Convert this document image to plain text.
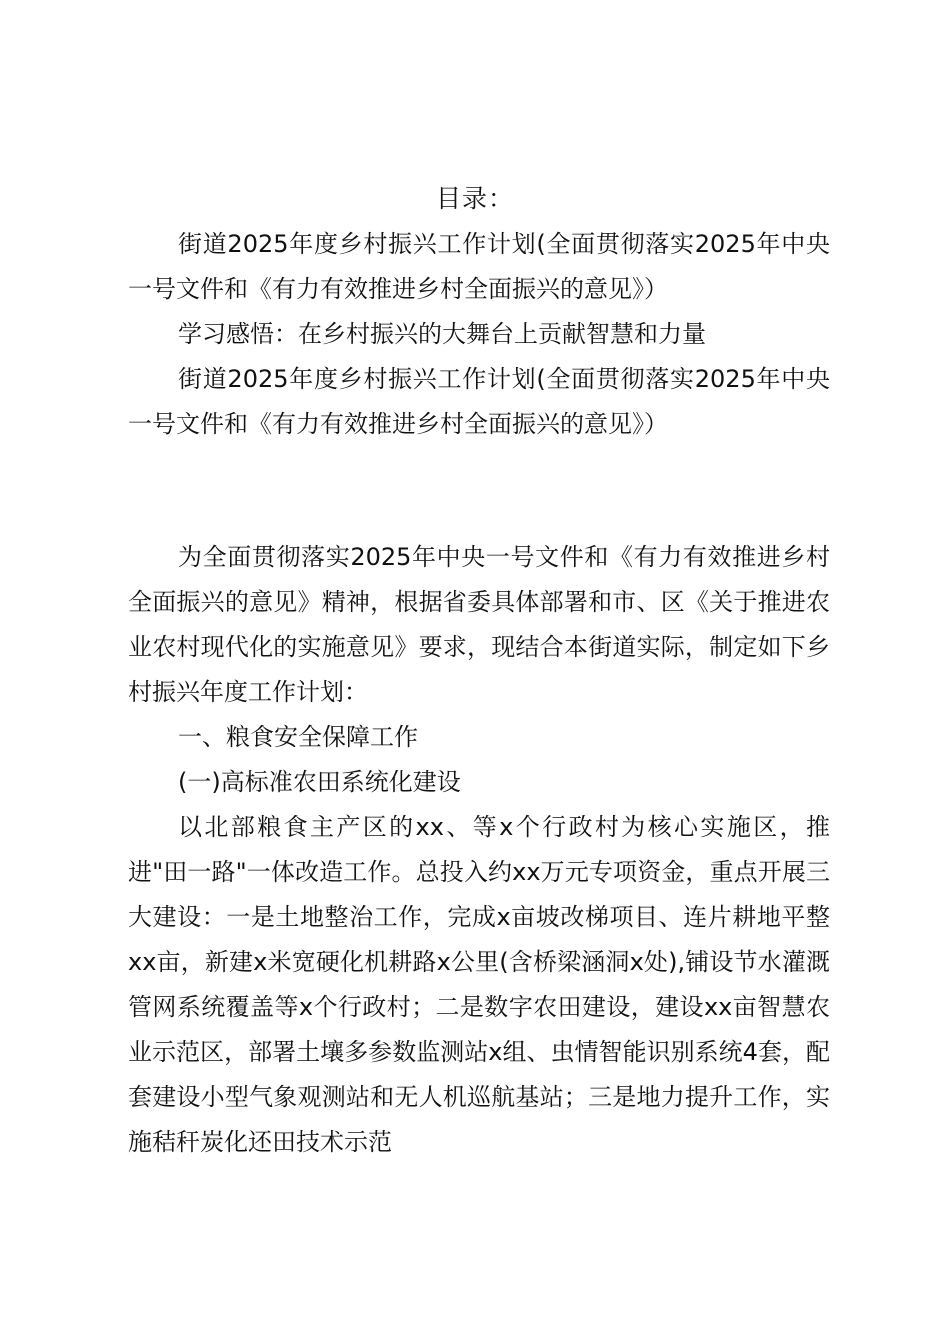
目录：

街道2025年度乡村振兴工作计划(全面贯彻落实2025年中央一号文件和《有力有效推进乡村全面振兴的意见》）

学习感悟：在乡村振兴的大舞台上贡献智慧和力量

街道2025年度乡村振兴工作计划(全面贯彻落实2025年中央一号文件和《有力有效推进乡村全面振兴的意见》）

为全面贯彻落实2025年中央一号文件和《有力有效推进乡村全面振兴的意见》精神，根据省委具体部署和市、区《关于推进农业农村现代化的实施意见》要求，现结合本街道实际，制定如下乡村振兴年度工作计划：

一、粮食安全保障工作

(一)高标准农田系统化建设

以北部粮食主产区的xx、等x个行政村为核心实施区，推进"田一路"一体改造工作。总投入约xx万元专项资金，重点开展三大建设：一是土地整治工作，完成x亩坡改梯项目、连片耕地平整xx亩，新建x米宽硬化机耕路x公里(含桥梁涵洞x处),铺设节水灌溉管网系统覆盖等x个行政村；二是数字农田建设，建设xx亩智慧农业示范区，部署土壤多参数监测站x组、虫情智能识别系统4套，配套建设小型气象观测站和无人机巡航基站；三是地力提升工作，实施秸秆炭化还田技术示范
